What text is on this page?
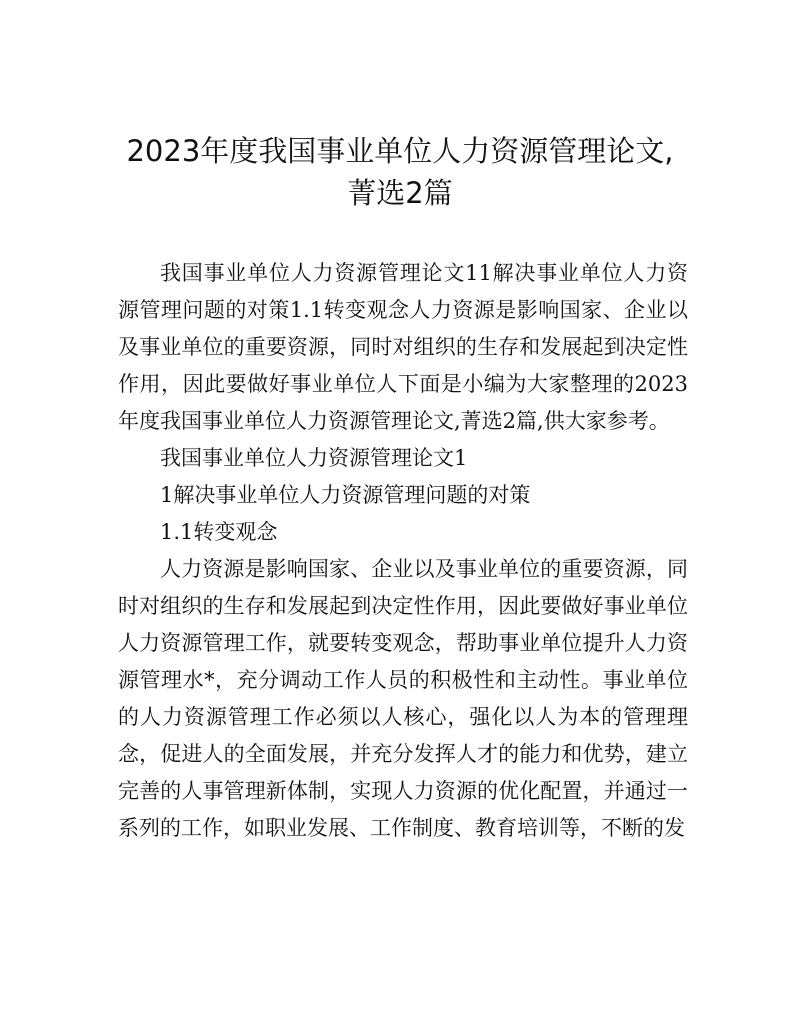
2023年度我国事业单位人力资源管理论文,
菁选2篇

我国事业单位人力资源管理论文11解决事业单位人力资源管理问题的对策1.1转变观念人力资源是影响国家、企业以及事业单位的重要资源，同时对组织的生存和发展起到决定性作用，因此要做好事业单位人下面是小编为大家整理的2023年度我国事业单位人力资源管理论文,菁选2篇,供大家参考。

我国事业单位人力资源管理论文1

1解决事业单位人力资源管理问题的对策

1.1转变观念

人力资源是影响国家、企业以及事业单位的重要资源，同时对组织的生存和发展起到决定性作用，因此要做好事业单位人力资源管理工作，就要转变观念，帮助事业单位提升人力资源管理水*，充分调动工作人员的积极性和主动性。事业单位的人力资源管理工作必须以人核心，强化以人为本的管理理念，促进人的全面发展，并充分发挥人才的能力和优势，建立完善的人事管理新体制，实现人力资源的优化配置，并通过一系列的工作，如职业发展、工作制度、教育培训等，不断的发
